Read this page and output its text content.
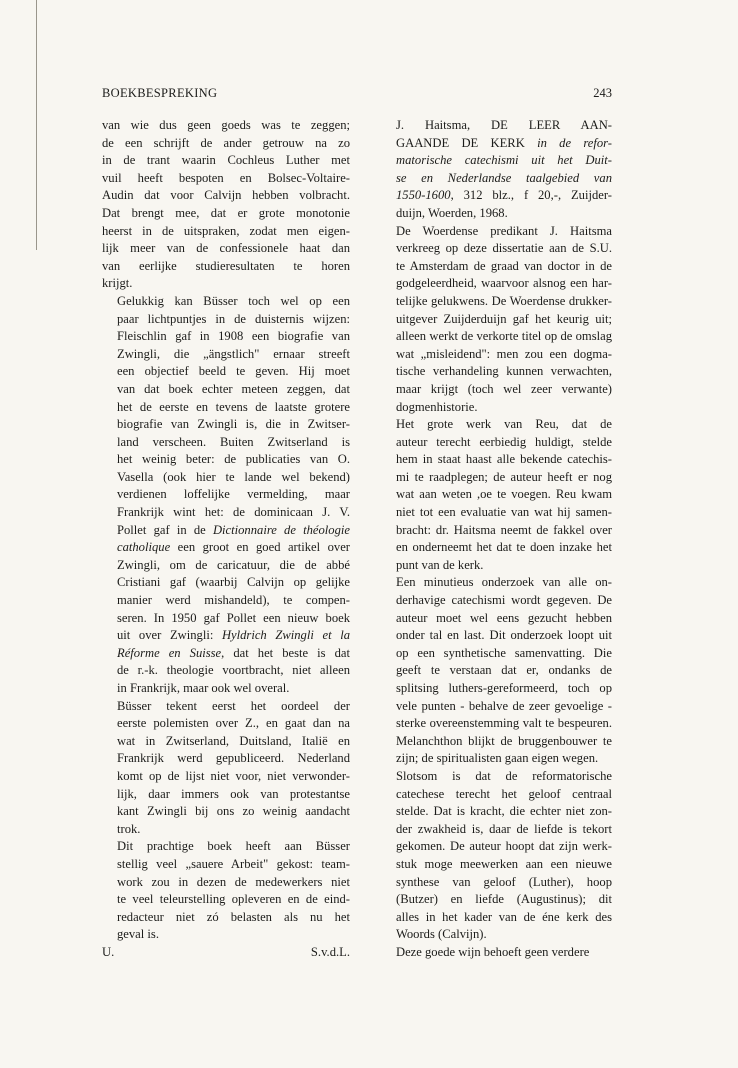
BOEKBESPREKING	243

van wie dus geen goeds was te zeggen;
de een schrijft de ander getrouw na zo
in de trant waarin Cochleus Luther met
vuil heeft bespoten en Bolsec-Voltaire-
Audin dat voor Calvijn hebben volbracht.
Dat brengt mee, dat er grote monotonie
heerst in de uitspraken, zodat men eigen-
lijk meer van de confessionele haat dan
van eerlijke studieresultaten te horen
krijgt.

Gelukkig kan Büsser toch wel op een
paar lichtpuntjes in de duisternis wijzen:
Fleischlin gaf in 1908 een biografie van
Zwingli, die „ängstlich" ernaar streeft
een objectief beeld te geven. Hij moet
van dat boek echter meteen zeggen, dat
het de eerste en tevens de laatste grotere
biografie van Zwingli is, die in Zwitser-
land verscheen. Buiten Zwitserland is
het weinig beter: de publicaties van O.
Vasella (ook hier te lande wel bekend)
verdienen loffelijke vermelding, maar
Frankrijk wint het: de dominicaan J. V.
Pollet gaf in de Dictionnaire de théologie
catholique een groot en goed artikel over
Zwingli, om de caricatuur, die de abbé
Cristiani gaf (waarbij Calvijn op gelijke
manier werd mishandeld), te compen-
seren. In 1950 gaf Pollet een nieuw boek
uit over Zwingli: Hyldrich Zwingli et la
Réforme en Suisse, dat het beste is dat
de r.-k. theologie voortbracht, niet alleen
in Frankrijk, maar ook wel overal.

Büsser tekent eerst het oordeel der
eerste polemisten over Z., en gaat dan na
wat in Zwitserland, Duitsland, Italië en
Frankrijk werd gepubliceerd. Nederland
komt op de lijst niet voor, niet verwonder-
lijk, daar immers ook van protestantse
kant Zwingli bij ons zo weinig aandacht
trok.

Dit prachtige boek heeft aan Büsser
stellig veel „sauere Arbeit" gekost: team-
work zou in dezen de medewerkers niet
te veel teleurstelling opleveren en de eind-
redacteur niet zó belasten als nu het
geval is.

U.	S.v.d.L.

J. Haitsma, DE LEER AAN-
GAANDE DE KERK in de refor-
matorische catechismi uit het Duit-
se en Nederlandse taalgebied van
1550-1600, 312 blz., f 20,-, Zuijder-
duijn, Woerden, 1968.

De Woerdense predikant J. Haitsma
verkreeg op deze dissertatie aan de S.U.
te Amsterdam de graad van doctor in de
godgeleerdheid, waarvoor alsnog een har-
telijke gelukwens. De Woerdense drukker-
uitgever Zuijderduijn gaf het keurig uit;
alleen werkt de verkorte titel op de omslag
wat „misleidend": men zou een dogma-
tische verhandeling kunnen verwachten,
maar krijgt (toch wel zeer verwante)
dogmenhistorie.

Het grote werk van Reu, dat de
auteur terecht eerbiedig huldigt, stelde
hem in staat haast alle bekende catechis-
mi te raadplegen; de auteur heeft er nog
wat aan weten ,oe te voegen. Reu kwam
niet tot een evaluatie van wat hij samen-
bracht: dr. Haitsma neemt de fakkel over
en onderneemt het dat te doen inzake het
punt van de kerk.

Een minutieus onderzoek van alle on-
derhavige catechismi wordt gegeven. De
auteur moet wel eens gezucht hebben
onder tal en last. Dit onderzoek loopt uit
op een synthetische samenvatting. Die
geeft te verstaan dat er, ondanks de
splitsing luthers-gereformeerd, toch op
vele punten - behalve de zeer gevoelige -
sterke overeenstemming valt te bespeuren.
Melanchthon blijkt de bruggenbouwer te
zijn; de spiritualisten gaan eigen wegen.

Slotsom is dat de reformatorische
catechese terecht het geloof centraal
stelde. Dat is kracht, die echter niet zon-
der zwakheid is, daar de liefde is tekort
gekomen. De auteur hoopt dat zijn werk-
stuk moge meewerken aan een nieuwe
synthese van geloof (Luther), hoop
(Butzer) en liefde (Augustinus); dit
alles in het kader van de éne kerk des
Woords (Calvijn).

Deze goede wijn behoeft geen verdere
